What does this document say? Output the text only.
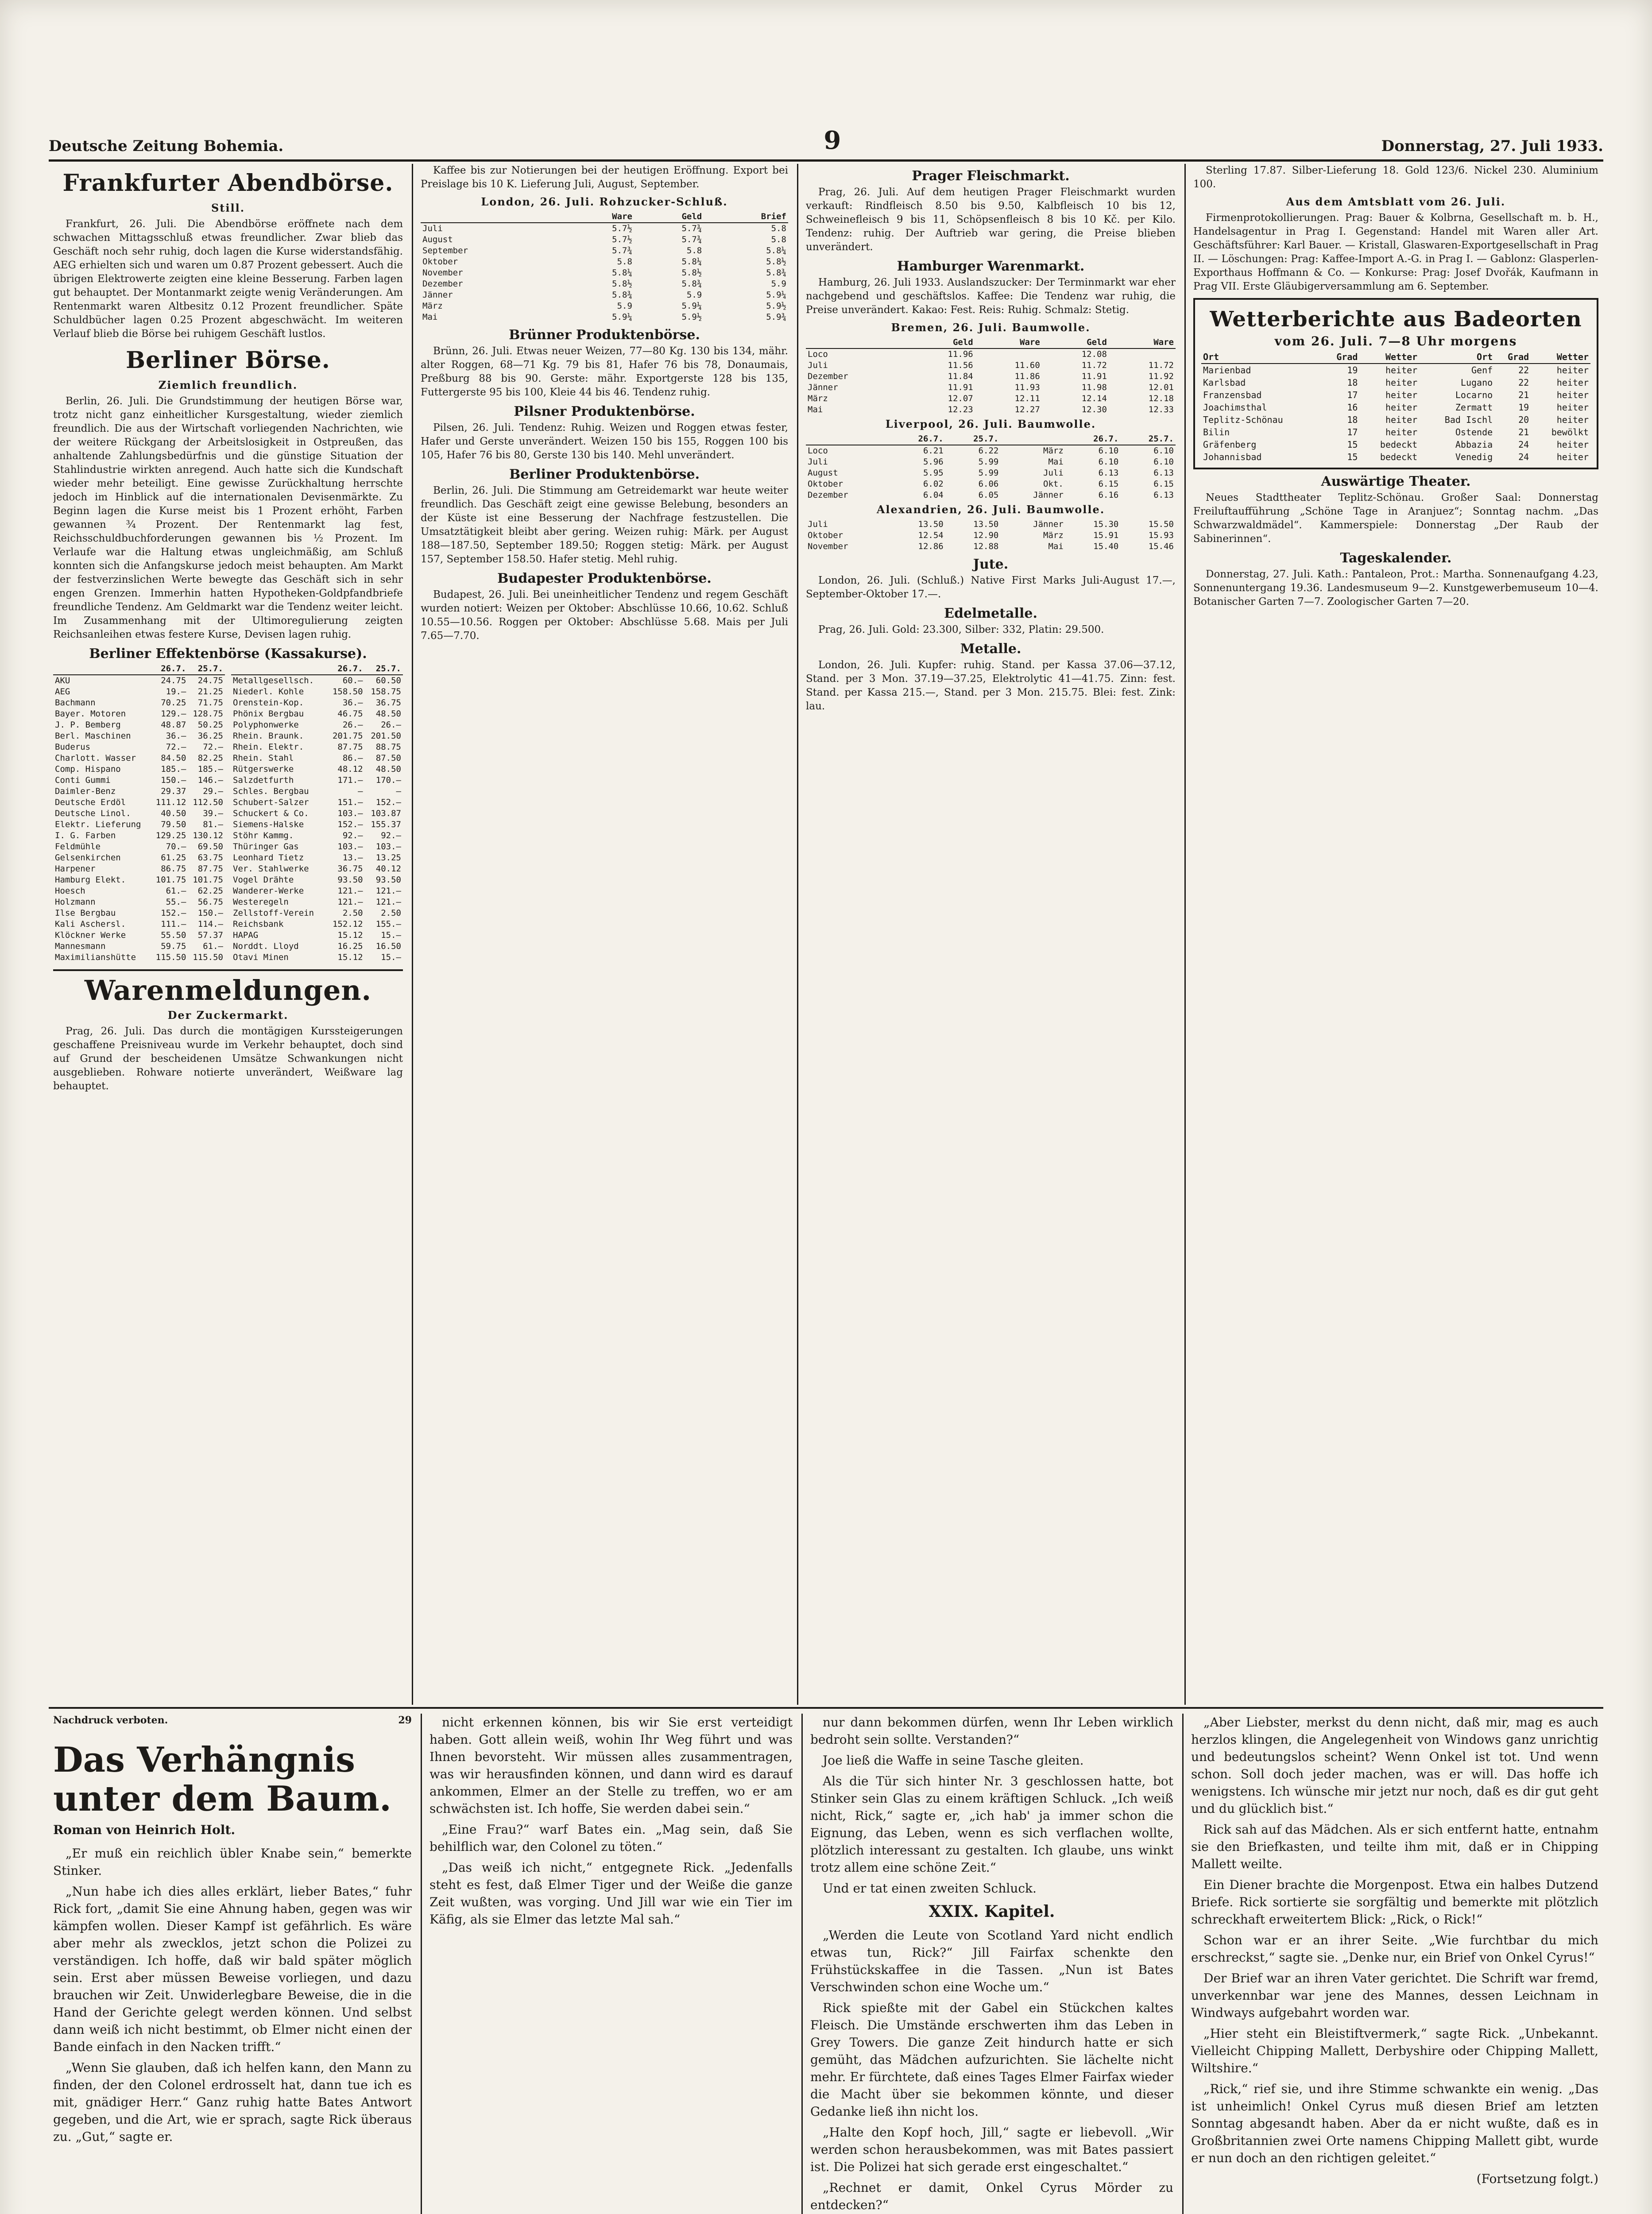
Deutsche Zeitung Bohemia.	9	Donnerstag, 27. Juli 1933.
Frankfurter Abendbörse.
Still.

Frankfurt, 26. Juli. Die Abendbörse eröffnete nach dem schwachen Mittagsschluß etwas freundlicher. Zwar blieb das Geschäft noch sehr ruhig, doch lagen die Kurse widerstandsfähig. AEG erhielten sich und waren um 0.87 Prozent gebessert. Auch die übrigen Elektrowerte zeigten eine kleine Besserung. Farben lagen gut behauptet. Der Montanmarkt zeigte wenig Veränderungen. Am Rentenmarkt waren Altbesitz 0.12 Prozent freundlicher. Späte Schuldbücher lagen 0.25 Prozent abgeschwächt. Im weiteren Verlauf blieb die Börse bei ruhigem Geschäft lustlos.

Berliner Börse.
Ziemlich freundlich.

Berlin, 26. Juli. Die Grundstimmung der heutigen Börse war, trotz nicht ganz einheitlicher Kursgestaltung, wieder ziemlich freundlich. Die aus der Wirtschaft vorliegenden Nachrichten, wie der weitere Rückgang der Arbeitslosigkeit in Ostpreußen, das anhaltende Zahlungsbedürfnis und die günstige Situation der Stahlindustrie wirkten anregend. Auch hatte sich die Kundschaft wieder mehr beteiligt. Eine gewisse Zurückhaltung herrschte jedoch im Hinblick auf die internationalen Devisenmärkte. Zu Beginn lagen die Kurse meist bis 1 Prozent erhöht, Farben gewannen ¾ Prozent. Der Rentenmarkt lag fest, Reichsschuldbuchforderungen gewannen bis ½ Prozent. Im Verlaufe war die Haltung etwas ungleichmäßig, am Schluß konnten sich die Anfangskurse jedoch meist behaupten. Am Markt der festverzinslichen Werte bewegte das Geschäft sich in sehr engen Grenzen. Immerhin hatten Hypotheken-Goldpfandbriefe freundliche Tendenz. Am Geldmarkt war die Tendenz weiter leicht. Im Zusammenhang mit der Ultimoregulierung zeigten Reichsanleihen etwas festere Kurse, Devisen lagen ruhig.

Berliner Effektenbörse (Kassakurse).
	26.7.	25.7.
AKU	24.75	24.75
AEG	19.—	21.25
Bachmann	70.25	71.75
Bayer. Motoren	129.—	128.75
J. P. Bemberg	48.87	50.25
Berl. Maschinen	36.—	36.25
Buderus	72.—	72.—
Charlott. Wasser	84.50	82.25
Comp. Hispano	185.—	185.—
Conti Gummi	150.—	146.—
Daimler-Benz	29.37	29.—
Deutsche Erdöl	111.12	112.50
Deutsche Linol.	40.50	39.—
Elektr. Lieferung	79.50	81.—
I. G. Farben	129.25	130.12
Feldmühle	70.—	69.50
Gelsenkirchen	61.25	63.75
Harpener	86.75	87.75
Hamburg Elekt.	101.75	101.75
Hoesch	61.—	62.25
Holzmann	55.—	56.75
Ilse Bergbau	152.—	150.—
Kali Aschersl.	111.—	114.—
Klöckner Werke	55.50	57.37
Mannesmann	59.75	61.—
Maximilianshütte	115.50	115.50
	26.7.	25.7.
Metallgesellsch.	60.—	60.50
Niederl. Kohle	158.50	158.75
Orenstein-Kop.	36.—	36.75
Phönix Bergbau	46.75	48.50
Polyphonwerke	26.—	26.—
Rhein. Braunk.	201.75	201.50
Rhein. Elektr.	87.75	88.75
Rhein. Stahl	86.—	87.50
Rütgerswerke	48.12	48.50
Salzdetfurth	171.—	170.—
Schles. Bergbau	—	—
Schubert-Salzer	151.—	152.—
Schuckert & Co.	103.—	103.87
Siemens-Halske	152.—	155.37
Stöhr Kammg.	92.—	92.—
Thüringer Gas	103.—	103.—
Leonhard Tietz	13.—	13.25
Ver. Stahlwerke	36.75	40.12
Vogel Drähte	93.50	93.50
Wanderer-Werke	121.—	121.—
Westeregeln	121.—	121.—
Zellstoff-Verein	2.50	2.50
Reichsbank	152.12	155.—
HAPAG	15.12	15.—
Norddt. Lloyd	16.25	16.50
Otavi Minen	15.12	15.—
Warenmeldungen.
Der Zuckermarkt.

Prag, 26. Juli. Das durch die montägigen Kurssteigerungen geschaffene Preisniveau wurde im Verkehr behauptet, doch sind auf Grund der bescheidenen Umsätze Schwankungen nicht ausgeblieben. Rohware notierte unverändert, Weißware lag behauptet.

Kaffee bis zur Notierungen bei der heutigen Eröffnung. Export bei Preislage bis 10 K. Lieferung Juli, August, September.

London, 26. Juli. Rohzucker-Schluß.
	Ware	Geld	Brief
Juli	5.7½	5.7¾	5.8
August	5.7½	5.7¾	5.8
September	5.7¾	5.8	5.8¼
Oktober	5.8	5.8¼	5.8½
November	5.8¼	5.8½	5.8¾
Dezember	5.8½	5.8¾	5.9
Jänner	5.8¾	5.9	5.9¼
März	5.9	5.9¼	5.9½
Mai	5.9¼	5.9½	5.9¾
Brünner Produktenbörse.

Brünn, 26. Juli. Etwas neuer Weizen, 77—80 Kg. 130 bis 134, mähr. alter Roggen, 68—71 Kg. 79 bis 81, Hafer 76 bis 78, Donaumais, Preßburg 88 bis 90. Gerste: mähr. Exportgerste 128 bis 135, Futtergerste 95 bis 100, Kleie 44 bis 46. Tendenz ruhig.

Pilsner Produktenbörse.

Pilsen, 26. Juli. Tendenz: Ruhig. Weizen und Roggen etwas fester, Hafer und Gerste unverändert. Weizen 150 bis 155, Roggen 100 bis 105, Hafer 76 bis 80, Gerste 130 bis 140. Mehl unverändert.

Berliner Produktenbörse.

Berlin, 26. Juli. Die Stimmung am Getreidemarkt war heute weiter freundlich. Das Geschäft zeigt eine gewisse Belebung, besonders an der Küste ist eine Besserung der Nachfrage festzustellen. Die Umsatztätigkeit bleibt aber gering. Weizen ruhig: Märk. per August 188—187.50, September 189.50; Roggen stetig: Märk. per August 157, September 158.50. Hafer stetig. Mehl ruhig.

Budapester Produktenbörse.

Budapest, 26. Juli. Bei uneinheitlicher Tendenz und regem Geschäft wurden notiert: Weizen per Oktober: Abschlüsse 10.66, 10.62. Schluß 10.55—10.56. Roggen per Oktober: Abschlüsse 5.68. Mais per Juli 7.65—7.70.

Prager Fleischmarkt.

Prag, 26. Juli. Auf dem heutigen Prager Fleischmarkt wurden verkauft: Rindfleisch 8.50 bis 9.50, Kalbfleisch 10 bis 12, Schweinefleisch 9 bis 11, Schöpsenfleisch 8 bis 10 Kč. per Kilo. Tendenz: ruhig. Der Auftrieb war gering, die Preise blieben unverändert.

Hamburger Warenmarkt.

Hamburg, 26. Juli 1933. Auslandszucker: Der Terminmarkt war eher nachgebend und geschäftslos. Kaffee: Die Tendenz war ruhig, die Preise unverändert. Kakao: Fest. Reis: Ruhig. Schmalz: Stetig.

Bremen, 26. Juli. Baumwolle.
	Geld	Ware	Geld	Ware
Loco	11.96		12.08	
Juli	11.56	11.60	11.72	11.72
Dezember	11.84	11.86	11.91	11.92
Jänner	11.91	11.93	11.98	12.01
März	12.07	12.11	12.14	12.18
Mai	12.23	12.27	12.30	12.33
Liverpool, 26. Juli. Baumwolle.
	26.7.	25.7.		26.7.	25.7.
Loco	6.21	6.22	März	6.10	6.10
Juli	5.96	5.99	Mai	6.10	6.10
August	5.95	5.99	Juli	6.13	6.13
Oktober	6.02	6.06	Okt.	6.15	6.15
Dezember	6.04	6.05	Jänner	6.16	6.13
Alexandrien, 26. Juli. Baumwolle.
Juli	13.50	13.50	Jänner	15.30	15.50
Oktober	12.54	12.90	März	15.91	15.93
November	12.86	12.88	Mai	15.40	15.46
Jute.

London, 26. Juli. (Schluß.) Native First Marks Juli-August 17.—, September-Oktober 17.—.

Edelmetalle.

Prag, 26. Juli. Gold: 23.300, Silber: 332, Platin: 29.500.

Metalle.

London, 26. Juli. Kupfer: ruhig. Stand. per Kassa 37.06—37.12, Stand. per 3 Mon. 37.19—37.25, Elektrolytic 41—41.75. Zinn: fest. Stand. per Kassa 215.—, Stand. per 3 Mon. 215.75. Blei: fest. Zink: lau.

Sterling 17.87. Silber-Lieferung 18. Gold 123/6. Nickel 230. Aluminium 100.

Aus dem Amtsblatt vom 26. Juli.

Firmenprotokollierungen. Prag: Bauer & Kolbrna, Gesellschaft m. b. H., Handelsagentur in Prag I. Gegenstand: Handel mit Waren aller Art. Geschäftsführer: Karl Bauer. — Kristall, Glaswaren-Exportgesellschaft in Prag II. — Löschungen: Prag: Kaffee-Import A.-G. in Prag I. — Gablonz: Glasperlen-Exporthaus Hoffmann & Co. — Konkurse: Prag: Josef Dvořák, Kaufmann in Prag VII. Erste Gläubigerversammlung am 6. September.

Wetterberichte aus Badeorten
vom 26. Juli. 7—8 Uhr morgens
Ort	Grad	Wetter	Ort	Grad	Wetter
Marienbad	19	heiter	Genf	22	heiter
Karlsbad	18	heiter	Lugano	22	heiter
Franzensbad	17	heiter	Locarno	21	heiter
Joachimsthal	16	heiter	Zermatt	19	heiter
Teplitz-Schönau	18	heiter	Bad Ischl	20	heiter
Bilin	17	heiter	Ostende	21	bewölkt
Gräfenberg	15	bedeckt	Abbazia	24	heiter
Johannisbad	15	bedeckt	Venedig	24	heiter
Auswärtige Theater.

Neues Stadttheater Teplitz-Schönau. Großer Saal: Donnerstag Freiluftaufführung „Schöne Tage in Aranjuez“; Sonntag nachm. „Das Schwarzwaldmädel“. Kammerspiele: Donnerstag „Der Raub der Sabinerinnen“.

Tageskalender.

Donnerstag, 27. Juli. Kath.: Pantaleon, Prot.: Martha. Sonnenaufgang 4.23, Sonnenuntergang 19.36. Landesmuseum 9—2. Kunstgewerbemuseum 10—4. Botanischer Garten 7—7. Zoologischer Garten 7—20.

Nachdruck verboten.	29
Das Verhängnis unter dem Baum.
Roman von Heinrich Holt.

„Er muß ein reichlich übler Knabe sein,“ bemerkte Stinker.

„Nun habe ich dies alles erklärt, lieber Bates,“ fuhr Rick fort, „damit Sie eine Ahnung haben, gegen was wir kämpfen wollen. Dieser Kampf ist gefährlich. Es wäre aber mehr als zwecklos, jetzt schon die Polizei zu verständigen. Ich hoffe, daß wir bald später möglich sein. Erst aber müssen Beweise vorliegen, und dazu brauchen wir Zeit. Unwiderlegbare Beweise, die in die Hand der Gerichte gelegt werden können. Und selbst dann weiß ich nicht bestimmt, ob Elmer nicht einen der Bande einfach in den Nacken trifft.“

„Wenn Sie glauben, daß ich helfen kann, den Mann zu finden, der den Colonel erdrosselt hat, dann tue ich es mit, gnädiger Herr.“ Ganz ruhig hatte Bates Antwort gegeben, und die Art, wie er sprach, sagte Rick überaus zu. „Gut,“ sagte er.

nicht erkennen können, bis wir Sie erst verteidigt haben. Gott allein weiß, wohin Ihr Weg führt und was Ihnen bevorsteht. Wir müssen alles zusammentragen, was wir herausfinden können, und dann wird es darauf ankommen, Elmer an der Stelle zu treffen, wo er am schwächsten ist. Ich hoffe, Sie werden dabei sein.“

„Eine Frau?“ warf Bates ein. „Mag sein, daß Sie behilflich war, den Colonel zu töten.“

„Das weiß ich nicht,“ entgegnete Rick. „Jedenfalls steht es fest, daß Elmer Tiger und der Weiße die ganze Zeit wußten, was vorging. Und Jill war wie ein Tier im Käfig, als sie Elmer das letzte Mal sah.“

nur dann bekommen dürfen, wenn Ihr Leben wirklich bedroht sein sollte. Verstanden?“

Joe ließ die Waffe in seine Tasche gleiten.

Als die Tür sich hinter Nr. 3 geschlossen hatte, bot Stinker sein Glas zu einem kräftigen Schluck. „Ich weiß nicht, Rick,“ sagte er, „ich hab' ja immer schon die Eignung, das Leben, wenn es sich verflachen wollte, plötzlich interessant zu gestalten. Ich glaube, uns winkt trotz allem eine schöne Zeit.“

Und er tat einen zweiten Schluck.

XXIX. Kapitel.

„Werden die Leute von Scotland Yard nicht endlich etwas tun, Rick?“ Jill Fairfax schenkte den Frühstückskaffee in die Tassen. „Nun ist Bates Verschwinden schon eine Woche um.“

Rick spießte mit der Gabel ein Stückchen kaltes Fleisch. Die Umstände erschwerten ihm das Leben in Grey Towers. Die ganze Zeit hindurch hatte er sich gemüht, das Mädchen aufzurichten. Sie lächelte nicht mehr. Er fürchtete, daß eines Tages Elmer Fairfax wieder die Macht über sie bekommen könnte, und dieser Gedanke ließ ihn nicht los.

„Halte den Kopf hoch, Jill,“ sagte er liebevoll. „Wir werden schon herausbekommen, was mit Bates passiert ist. Die Polizei hat sich gerade erst eingeschaltet.“

„Rechnet er damit, Onkel Cyrus Mörder zu entdecken?“

„Aber Liebster, merkst du denn nicht, daß mir, mag es auch herzlos klingen, die Angelegenheit von Windows ganz unrichtig und bedeutungslos scheint? Wenn Onkel ist tot. Und wenn schon. Soll doch jeder machen, was er will. Das hoffe ich wenigstens. Ich wünsche mir jetzt nur noch, daß es dir gut geht und du glücklich bist.“

Rick sah auf das Mädchen. Als er sich entfernt hatte, entnahm sie den Briefkasten, und teilte ihm mit, daß er in Chipping Mallett weilte.

Ein Diener brachte die Morgenpost. Etwa ein halbes Dutzend Briefe. Rick sortierte sie sorgfältig und bemerkte mit plötzlich schreckhaft erweitertem Blick: „Rick, o Rick!“

Schon war er an ihrer Seite. „Wie furchtbar du mich erschreckst,“ sagte sie. „Denke nur, ein Brief von Onkel Cyrus!“

Der Brief war an ihren Vater gerichtet. Die Schrift war fremd, unverkennbar war jene des Mannes, dessen Leichnam in Windways aufgebahrt worden war.

„Hier steht ein Bleistiftvermerk,“ sagte Rick. „Unbekannt. Vielleicht Chipping Mallett, Derbyshire oder Chipping Mallett, Wiltshire.“

„Rick,“ rief sie, und ihre Stimme schwankte ein wenig. „Das ist unheimlich! Onkel Cyrus muß diesen Brief am letzten Sonntag abgesandt haben. Aber da er nicht wußte, daß es in Großbritannien zwei Orte namens Chipping Mallett gibt, wurde er nun doch an den richtigen geleitet.“

(Fortsetzung folgt.)
